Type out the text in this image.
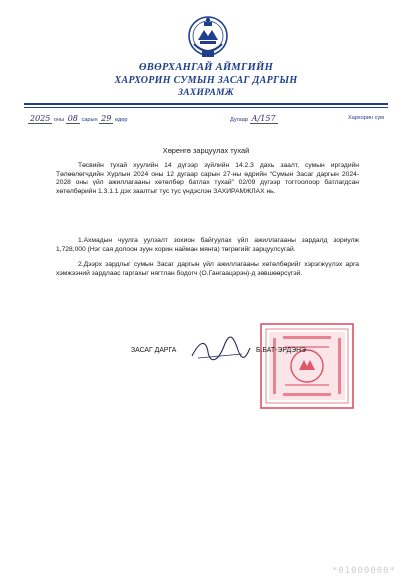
ӨВӨРХАНГАЙ АЙМГИЙН
ХАРХОРИН СУМЫН ЗАСАГ ДАРГЫН
ЗАХИРАМЖ
2025 оны 08 сарын 29 өдөр	Дугаар А/157	Хархорин сум
Хөренгө зарцуулах тухай

Төсвийн тухай хуулийн 14 дүгээр зүйлийн 14.2.3 дахь заалт, сумын иргэдийн Төлөөлөгчдийн Хурлын 2024 оны 12 дугаар сарын 27-ны өдрийн “Сумын Засаг даргын 2024-2028 оны үйл ажиллагааны хөтөлбөр батлах тухай” 02/09 дүгээр тогтоолоор батлагдсан хөтөлбөрийн 1.3.1.1 дэх заалтыг тус тус үндэслэн ЗАХИРАМЖЛАХ нь.

1.Ахмадын чуулга уулзалт зохион байгуулах үйл ажиллагааны зардалд зориулж 1,728,000 (Нэг сая долоон зуун хорин найман мянга) төгрөгийг зарцуулсугай.

2.Дээрх зардлыг сумын Засаг даргын үйл ажиллагааны хөтөлбөрийг хэрэгжүүлэх арга хэмжээний зардлаас гаргахыг нягтлан бодогч (О.Гангаацэрэн)-д зөвшөөрсүгэй.

ЗАСАГ ДАРГА	Б.БАТ-ЭРДЭНЭ
*01000000*
